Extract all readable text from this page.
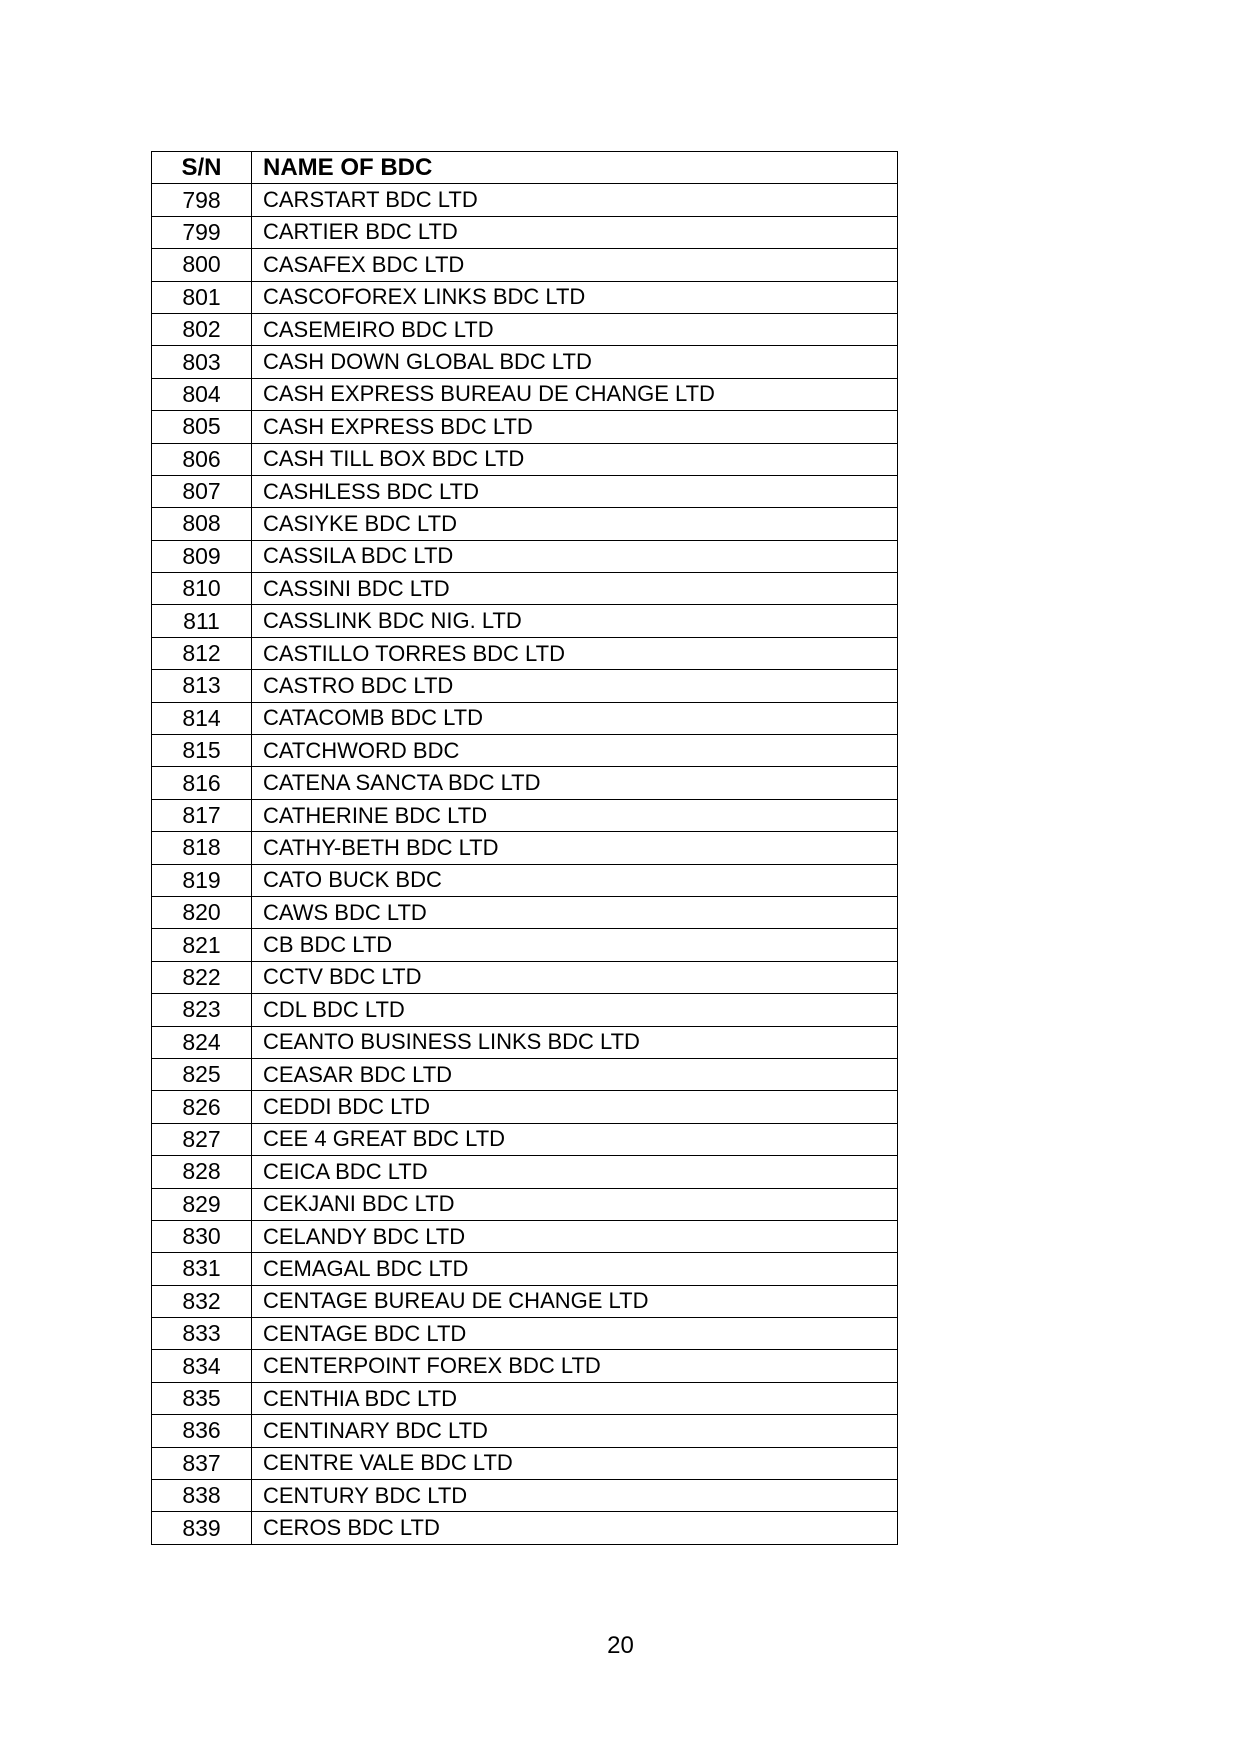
S/N	NAME OF BDC
798	CARSTART BDC LTD
799	CARTIER BDC LTD
800	CASAFEX BDC LTD
801	CASCOFOREX LINKS BDC LTD
802	CASEMEIRO BDC LTD
803	CASH DOWN GLOBAL BDC LTD
804	CASH EXPRESS BUREAU DE CHANGE LTD
805	CASH EXPRESS BDC LTD
806	CASH TILL BOX BDC LTD
807	CASHLESS BDC LTD
808	CASIYKE BDC LTD
809	CASSILA BDC LTD
810	CASSINI BDC LTD
811	CASSLINK BDC NIG. LTD
812	CASTILLO TORRES BDC LTD
813	CASTRO BDC LTD
814	CATACOMB BDC LTD
815	CATCHWORD BDC
816	CATENA SANCTA BDC LTD
817	CATHERINE BDC LTD
818	CATHY-BETH BDC LTD
819	CATO BUCK BDC
820	CAWS BDC LTD
821	CB BDC LTD
822	CCTV BDC LTD
823	CDL BDC LTD
824	CEANTO BUSINESS LINKS BDC LTD
825	CEASAR BDC LTD
826	CEDDI BDC LTD
827	CEE 4 GREAT BDC LTD
828	CEICA BDC LTD
829	CEKJANI BDC LTD
830	CELANDY BDC LTD
831	CEMAGAL BDC LTD
832	CENTAGE BUREAU DE CHANGE LTD
833	CENTAGE BDC LTD
834	CENTERPOINT FOREX BDC LTD
835	CENTHIA BDC LTD
836	CENTINARY BDC LTD
837	CENTRE VALE BDC LTD
838	CENTURY BDC LTD
839	CEROS BDC LTD
20
